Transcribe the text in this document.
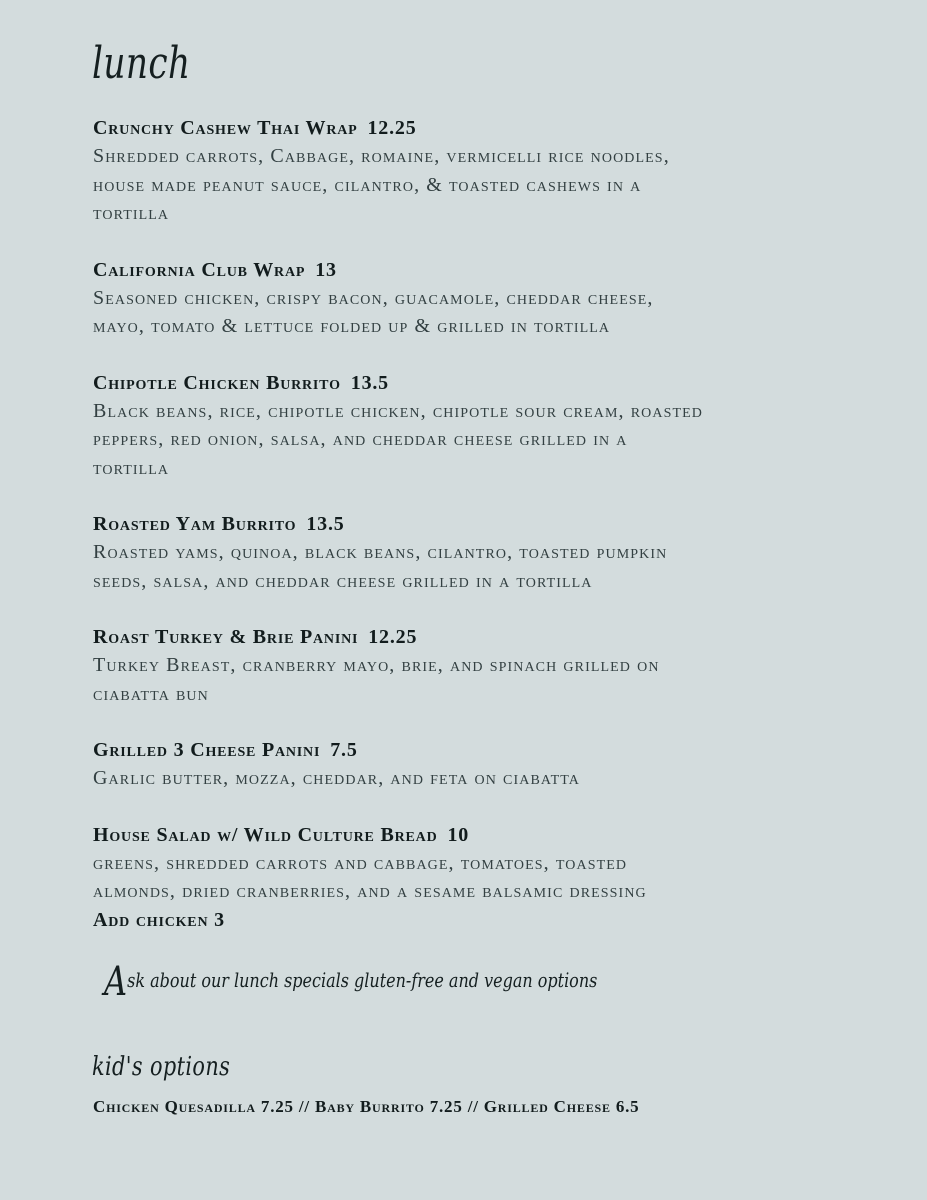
lunch
Crunchy Cashew Thai Wrap 12.25
Shredded carrots, Cabbage, romaine, vermicelli rice noodles,
house made peanut sauce, cilantro, & toasted cashews in a
tortilla
California Club Wrap 13
Seasoned chicken, crispy bacon, guacamole, cheddar cheese,
mayo, tomato & lettuce folded up & grilled in tortilla
Chipotle Chicken Burrito 13.5
Black beans, rice, chipotle chicken, chipotle sour cream, roasted
peppers, red onion, salsa, and cheddar cheese grilled in a
tortilla
Roasted Yam Burrito 13.5
Roasted yams, quinoa, black beans, cilantro, toasted pumpkin
seeds, salsa, and cheddar cheese grilled in a tortilla
Roast Turkey & Brie Panini 12.25
Turkey Breast, cranberry mayo, brie, and spinach grilled on
ciabatta bun
Grilled 3 Cheese Panini 7.5
Garlic butter, mozza, cheddar, and feta on ciabatta
House Salad w/ Wild Culture Bread 10
greens, shredded carrots and cabbage, tomatoes, toasted
almonds, dried cranberries, and a sesame balsamic dressing
Add chicken 3
Ask about our lunch specials gluten-free and vegan options
kid's options
Chicken Quesadilla 7.25 // Baby Burrito 7.25 // Grilled Cheese 6.5
